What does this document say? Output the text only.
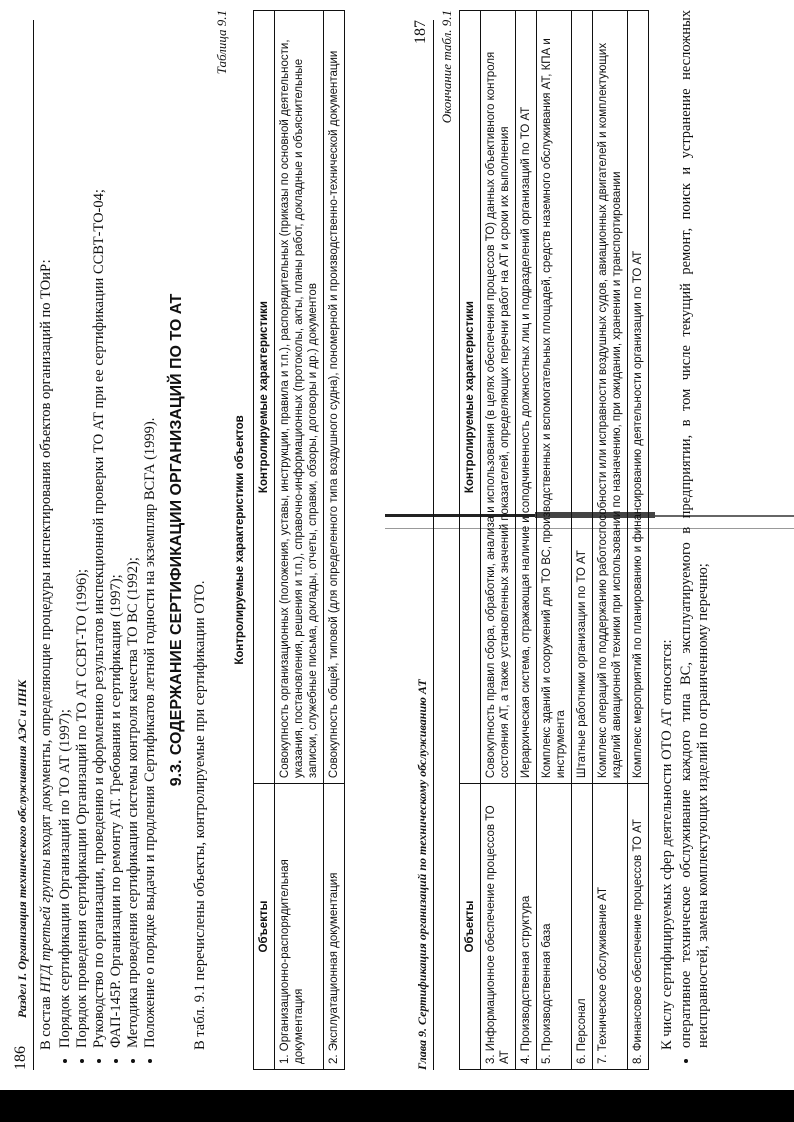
186
Раздел I. Организация технического обслуживания АЭС и ПНК

В состав НТД третьей группы входят документы, определяющие процедуры инспектирования объектов организаций по ТОиР:

• Порядок сертификации Организаций по ТО АТ (1997); • Порядок проведения сертификации Организаций по ТО АТ ССВТ-ТО (1996); • Руководство по организации, проведению и оформлению результатов инспекционной проверки ТО АТ при ее сертификации ССВТ-ТО-04; • ФАП-145Р. Организации по ремонту АТ. Требования и сертификация (1997); • Методика проведения сертификации системы контроля качества ТО ВС (1992); • Положение о порядке выдачи и продления Сертификатов летной годности на экземпляр ВСГА (1999). 9.3. СОДЕРЖАНИЕ СЕРТИФИКАЦИИ ОРГАНИЗАЦИЙ ПО ТО АТ

В табл. 9.1 перечислены объекты, контролируемые при сертификации ОТО.

Таблица 9.1
Контролируемые характеристики объектов
Объекты	Контролируемые характеристики
1. Организационно-распорядительная документация	Совокупность организационных (положения, уставы, инструкции, правила и т.п.), распорядительных (приказы по основной деятельности, указания, постановления, решения и т.п.), справочно-информационных (протоколы, акты, планы работ, докладные и объяснительные записки, служебные письма, доклады, отчеты, справки, обзоры, договоры и др.) документов
2. Эксплуатационная документация	Совокупность общей, типовой (для определенного типа воздушного судна), пономерной и производственно-технической документации
Глава 9. Сертификация организаций по техническому обслуживанию АТ
187 Окончание табл. 9.1
Объекты	Контролируемые характеристики
3. Информационное обеспечение процессов ТО АТ	Совокупность правил сбора, обработки, анализа и использования (в целях обеспечения процессов ТО) данных объективного контроля состояния АТ, а также установленных значений показателей, определяющих перечни работ на АТ и сроки их выполнения
4. Производственная структура	Иерархическая система, отражающая наличие и соподчиненность должностных лиц и подразделений организаций по ТО АТ
5. Производственная база	Комплекс зданий и сооружений для ТО ВС, производственных и вспомогательных площадей, средств наземного обслуживания АТ, КПА и инструмента
6. Персонал	Штатные работники организации по ТО АТ
7. Техническое обслуживание АТ	Комплекс операций по поддержанию работоспособности или исправности воздушных судов, авиационных двигателей и комплектующих изделий авиационной техники при использовании по назначению, при ожидании, хранении и транспортировании
8. Финансовое обеспечение процессов ТО АТ	Комплекс мероприятий по планированию и финансированию деятельности организации по ТО АТ

К числу сертифицируемых сфер деятельности ОТО АТ относятся: • оперативное техническое обслуживание каждого типа ВС, эксплуатируемого в предприятии, в том числе текущий ремонт, поиск и устранение несложных неисправностей, замена комплектующих изделий по ограниченному перечню;
